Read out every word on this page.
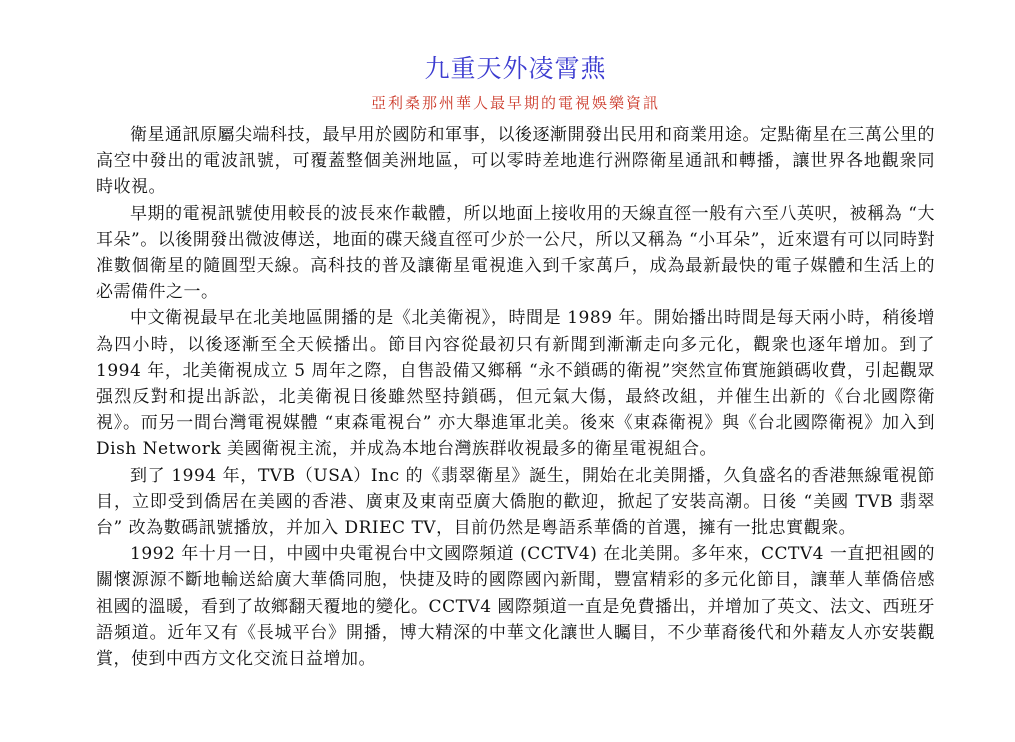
九重天外凌霄燕
亞利桑那州華人最早期的電視娛樂資訊

衛星通訊原屬尖端科技，最早用於國防和軍事，以後逐漸開發出民用和商業用途。定點衛星在三萬公里的高空中發出的電波訊號，可覆蓋整個美洲地區，可以零時差地進行洲際衛星通訊和轉播，讓世界各地觀衆同時收視。

早期的電視訊號使用較長的波長來作載體，所以地面上接收用的天線直徑一般有六至八英呎，被稱為 “大耳朵”。以後開發出微波傳送，地面的碟天綫直徑可少於一公尺，所以又稱為 “小耳朵”，近來還有可以同時對准數個衛星的隨圓型天線。高科技的普及讓衛星電視進入到千家萬戶，成為最新最快的電子媒體和生活上的必需備件之一。

中文衛視最早在北美地區開播的是《北美衛視》，時間是 1989 年。開始播出時間是每天兩小時，稍後增為四小時，以後逐漸至全天候播出。節目內容從最初只有新聞到漸漸走向多元化，觀衆也逐年增加。到了 1994 年，北美衛視成立 5 周年之際，自售設備又鄉稱 “永不鎖碼的衛視”突然宣佈實施鎖碼收費，引起觀眾强烈反對和提出訴訟，北美衛視日後雖然堅持鎖碼，但元氣大傷，最終改組，并催生出新的《台北國際衛視》。而另一間台灣電視媒體 “東森電視台” 亦大舉進軍北美。後來《東森衛視》與《台北國際衛視》加入到 Dish Network 美國衛視主流，并成為本地台灣族群收視最多的衛星電視組合。

到了 1994 年，TVB（USA）Inc 的《翡翠衛星》誕生，開始在北美開播，久負盛名的香港無線電視節目，立即受到僑居在美國的香港、廣東及東南亞廣大僑胞的歡迎，掀起了安裝高潮。日後 “美國 TVB 翡翠台” 改為數碼訊號播放，并加入 DRIEC TV，目前仍然是粵語系華僑的首選，擁有一批忠實觀衆。

1992 年十月一日，中國中央電視台中文國際頻道 (CCTV4) 在北美開。多年來，CCTV4 一直把祖國的關懷源源不斷地輸送給廣大華僑同胞，快捷及時的國際國內新聞，豐富精彩的多元化節目，讓華人華僑倍感祖國的溫暖，看到了故鄉翻天覆地的變化。CCTV4 國際頻道一直是免費播出，并增加了英文、法文、西班牙語頻道。近年又有《長城平台》開播，博大精深的中華文化讓世人矚目，不少華裔後代和外藉友人亦安裝觀賞，使到中西方文化交流日益增加。
